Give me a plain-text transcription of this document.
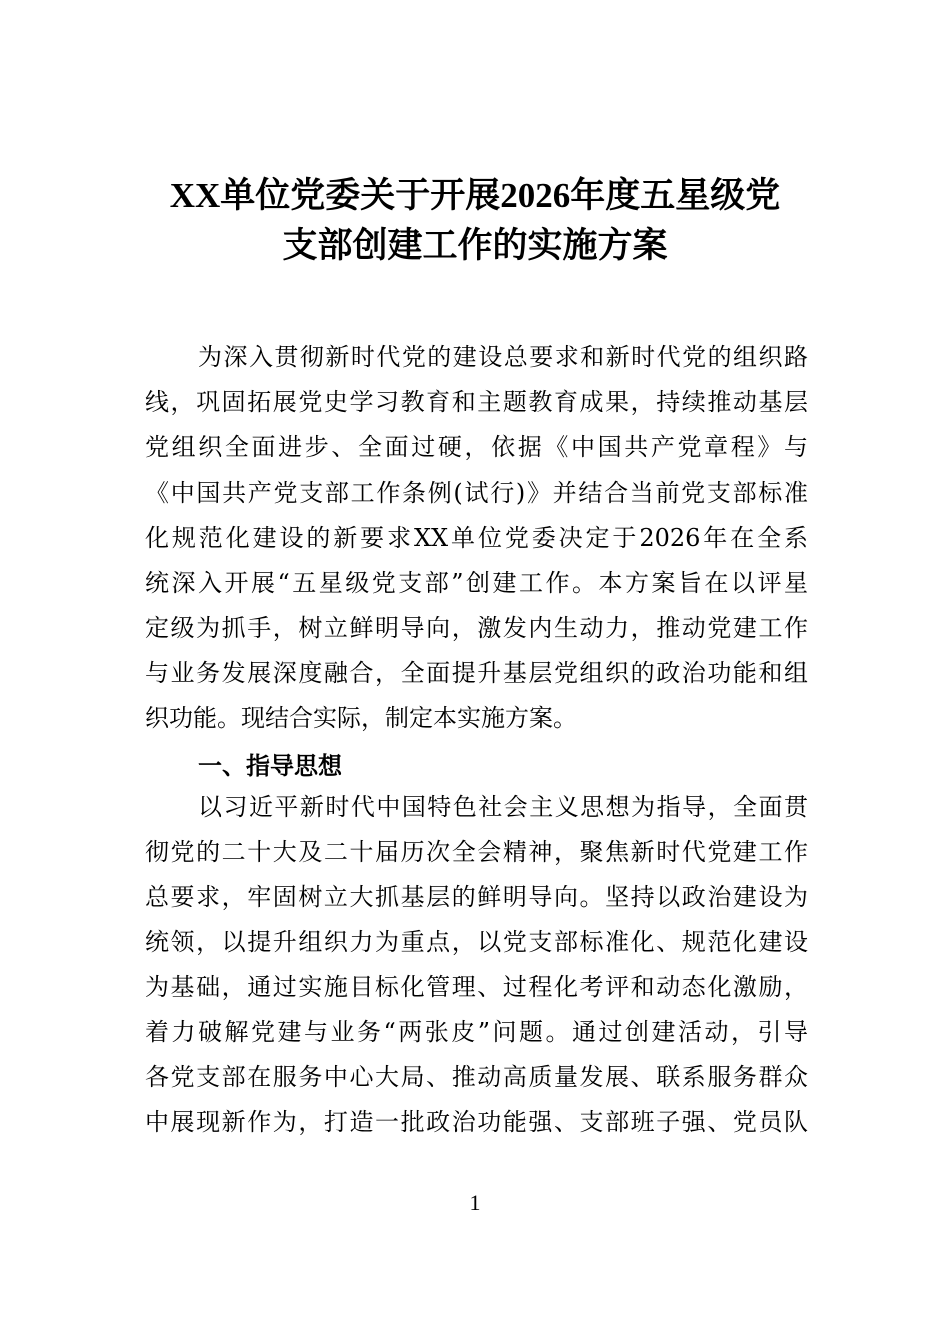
XX单位党委关于开展2026年度五星级党
支部创建工作的实施方案
为深入贯彻新时代党的建设总要求和新时代党的组织路
线，巩固拓展党史学习教育和主题教育成果，持续推动基层
党组织全面进步、全面过硬，依据《中国共产党章程》与
《中国共产党支部工作条例(试行)》并结合当前党支部标准
化规范化建设的新要求XX单位党委决定于2026年在全系
统深入开展“五星级党支部”创建工作。本方案旨在以评星
定级为抓手，树立鲜明导向，激发内生动力，推动党建工作
与业务发展深度融合，全面提升基层党组织的政治功能和组
织功能。现结合实际，制定本实施方案。
一、指导思想
以习近平新时代中国特色社会主义思想为指导，全面贯
彻党的二十大及二十届历次全会精神，聚焦新时代党建工作
总要求，牢固树立大抓基层的鲜明导向。坚持以政治建设为
统领，以提升组织力为重点，以党支部标准化、规范化建设
为基础，通过实施目标化管理、过程化考评和动态化激励，
着力破解党建与业务“两张皮”问题。通过创建活动，引导
各党支部在服务中心大局、推动高质量发展、联系服务群众
中展现新作为，打造一批政治功能强、支部班子强、党员队
1
